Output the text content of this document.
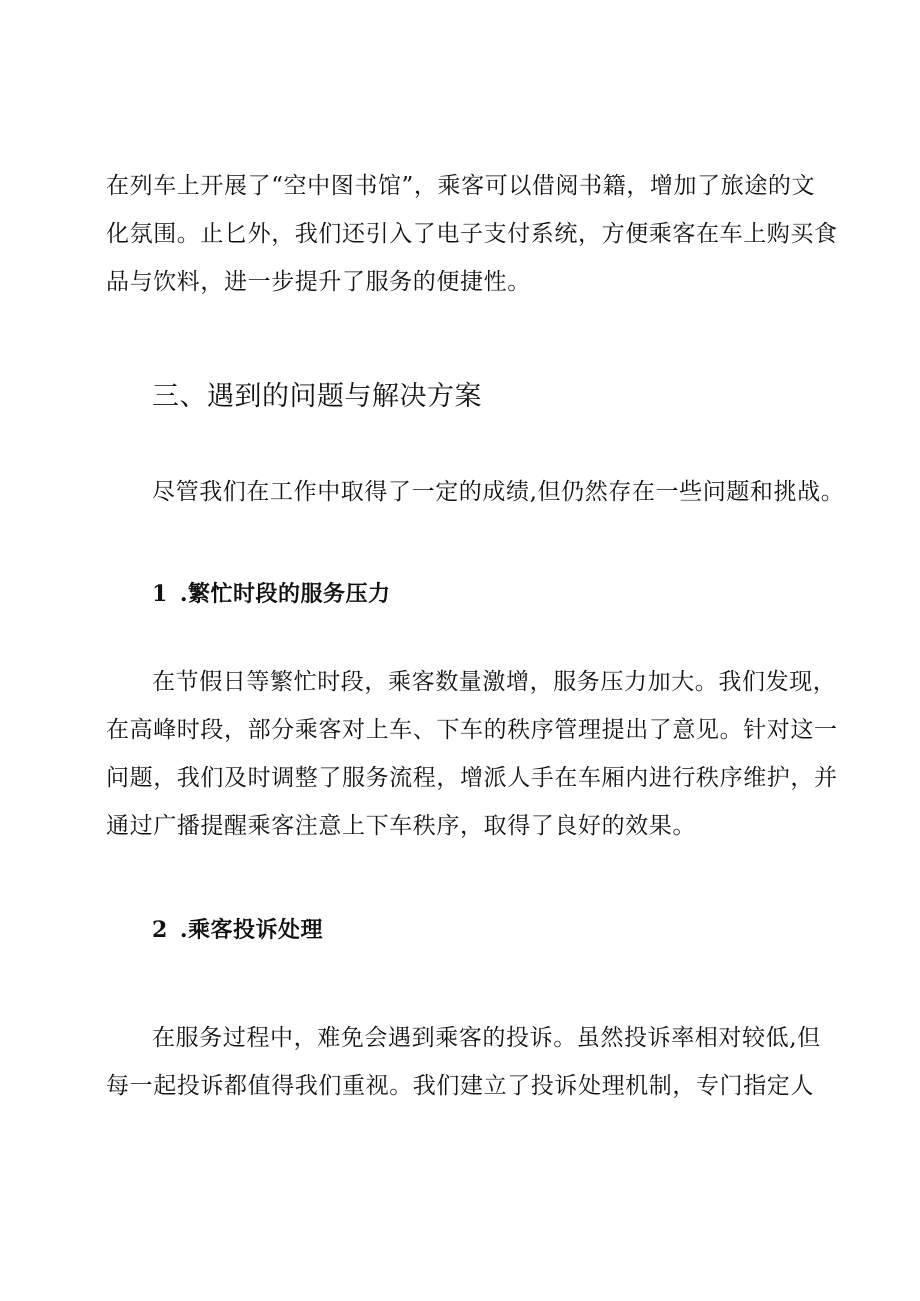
在列车上开展了“空中图书馆”，乘客可以借阅书籍，增加了旅途的文
化氛围。止匕外，我们还引入了电子支付系统，方便乘客在车上购买食
品与饮料，进一步提升了服务的便捷性。

三、遇到的问题与解决方案

尽管我们在工作中取得了一定的成绩,但仍然存在一些问题和挑战。

1 .繁忙时段的服务压力

在节假日等繁忙时段，乘客数量激增，服务压力加大。我们发现，
在高峰时段，部分乘客对上车、下车的秩序管理提出了意见。针对这一
问题，我们及时调整了服务流程，增派人手在车厢内进行秩序维护，并
通过广播提醒乘客注意上下车秩序，取得了良好的效果。

2 .乘客投诉处理

在服务过程中，难免会遇到乘客的投诉。虽然投诉率相对较低,但
每一起投诉都值得我们重视。我们建立了投诉处理机制，专门指定人
